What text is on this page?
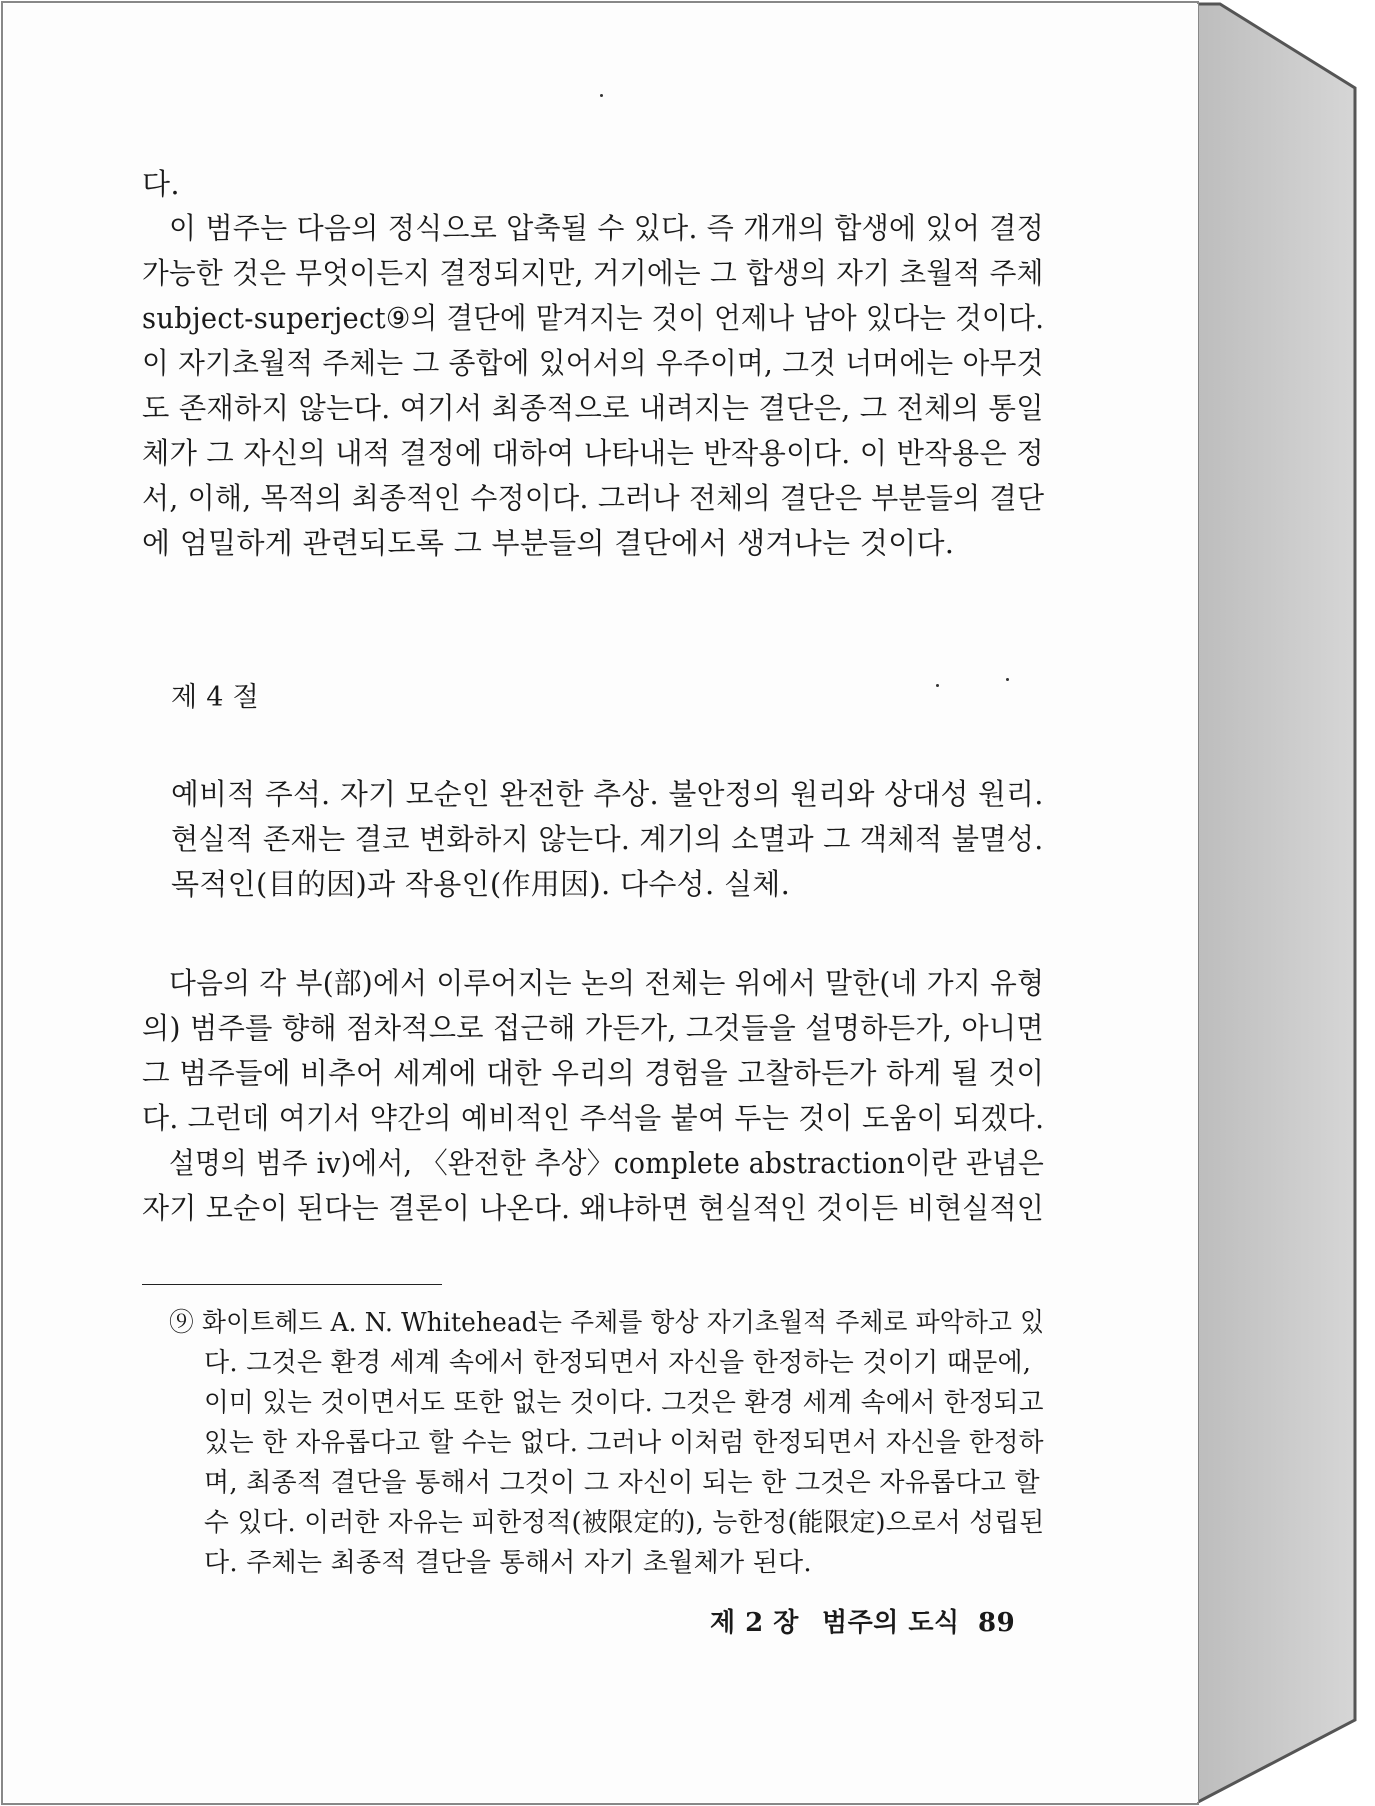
다.
이 범주는 다음의 정식으로 압축될 수 있다. 즉 개개의 합생에 있어 결정
가능한 것은 무엇이든지 결정되지만, 거기에는 그 합생의 자기 초월적 주체
subject-superject⑨의 결단에 맡겨지는 것이 언제나 남아 있다는 것이다.
이 자기초월적 주체는 그 종합에 있어서의 우주이며, 그것 너머에는 아무것
도 존재하지 않는다. 여기서 최종적으로 내려지는 결단은, 그 전체의 통일
체가 그 자신의 내적 결정에 대하여 나타내는 반작용이다. 이 반작용은 정
서, 이해, 목적의 최종적인 수정이다. 그러나 전체의 결단은 부분들의 결단
에 엄밀하게 관련되도록 그 부분들의 결단에서 생겨나는 것이다.
제 4 절
예비적 주석. 자기 모순인 완전한 추상. 불안정의 원리와 상대성 원리.
현실적 존재는 결코 변화하지 않는다. 계기의 소멸과 그 객체적 불멸성.
목적인(目的因)과 작용인(作用因). 다수성. 실체.
다음의 각 부(部)에서 이루어지는 논의 전체는 위에서 말한(네 가지 유형
의) 범주를 향해 점차적으로 접근해 가든가, 그것들을 설명하든가, 아니면
그 범주들에 비추어 세계에 대한 우리의 경험을 고찰하든가 하게 될 것이
다. 그런데 여기서 약간의 예비적인 주석을 붙여 두는 것이 도움이 되겠다.
설명의 범주 iv)에서, 〈완전한 추상〉complete abstraction이란 관념은
자기 모순이 된다는 결론이 나온다. 왜냐하면 현실적인 것이든 비현실적인
⑨ 화이트헤드 A. N. Whitehead는 주체를 항상 자기초월적 주체로 파악하고 있
다. 그것은 환경 세계 속에서 한정되면서 자신을 한정하는 것이기 때문에,
이미 있는 것이면서도 또한 없는 것이다. 그것은 환경 세계 속에서 한정되고
있는 한 자유롭다고 할 수는 없다. 그러나 이처럼 한정되면서 자신을 한정하
며, 최종적 결단을 통해서 그것이 그 자신이 되는 한 그것은 자유롭다고 할
수 있다. 이러한 자유는 피한정적(被限定的), 능한정(能限定)으로서 성립된
다. 주체는 최종적 결단을 통해서 자기 초월체가 된다.
제 2 장 범주의 도식 89
